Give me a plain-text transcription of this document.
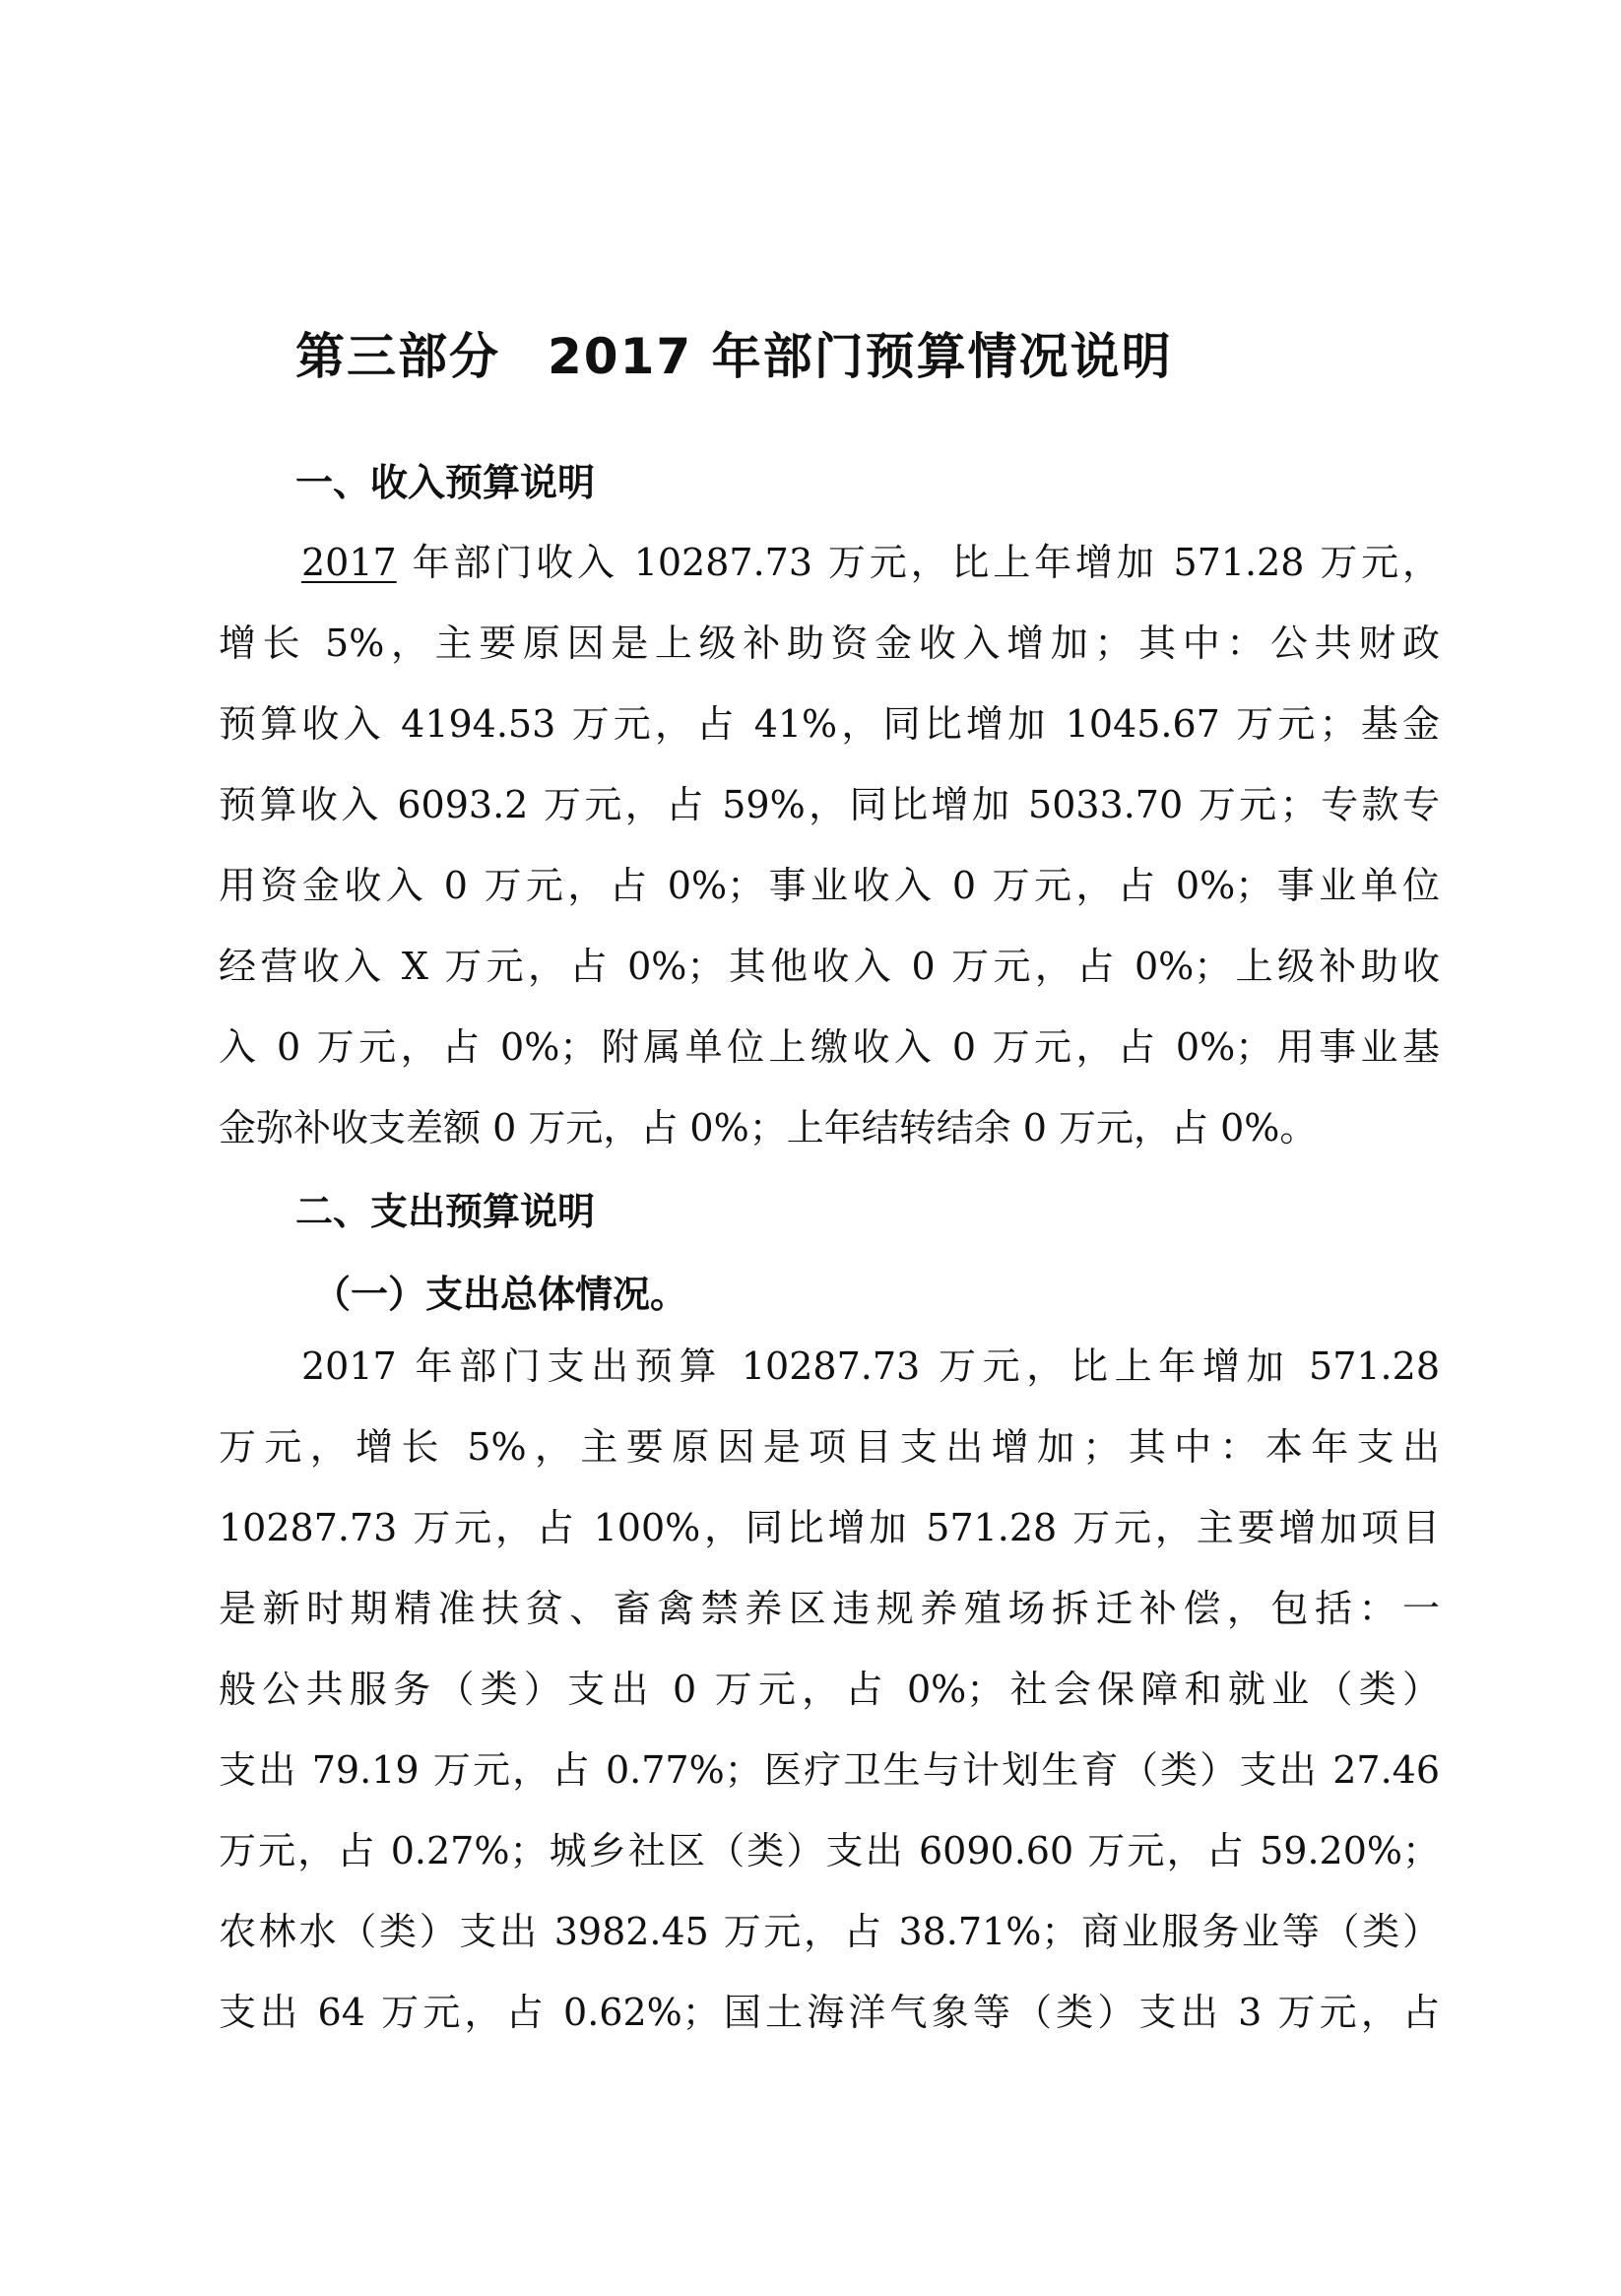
第三部分 2017 年部门预算情况说明
一、收入预算说明
2017 年部门收入 10287.73 万元，比上年增加 571.28 万元，
增长 5%，主要原因是上级补助资金收入增加；其中：公共财政
预算收入 4194.53 万元，占 41%，同比增加 1045.67 万元；基金
预算收入 6093.2 万元，占 59%，同比增加 5033.70 万元；专款专
用资金收入 0 万元，占 0%；事业收入 0 万元，占 0%；事业单位
经营收入 X 万元，占 0%；其他收入 0 万元，占 0%；上级补助收
入 0 万元，占 0%；附属单位上缴收入 0 万元，占 0%；用事业基
金弥补收支差额 0 万元，占 0%；上年结转结余 0 万元，占 0%。
二、支出预算说明
（一）支出总体情况。
2017 年部门支出预算 10287.73 万元，比上年增加 571.28
万元，增长 5%，主要原因是项目支出增加；其中：本年支出
10287.73 万元，占 100%，同比增加 571.28 万元，主要增加项目
是新时期精准扶贫、畜禽禁养区违规养殖场拆迁补偿，包括：一
般公共服务（类）支出 0 万元，占 0%；社会保障和就业（类）
支出 79.19 万元，占 0.77%；医疗卫生与计划生育（类）支出 27.46
万元，占 0.27%；城乡社区（类）支出 6090.60 万元，占 59.20%；
农林水（类）支出 3982.45 万元，占 38.71%；商业服务业等（类）
支出 64 万元，占 0.62%；国土海洋气象等（类）支出 3 万元，占
